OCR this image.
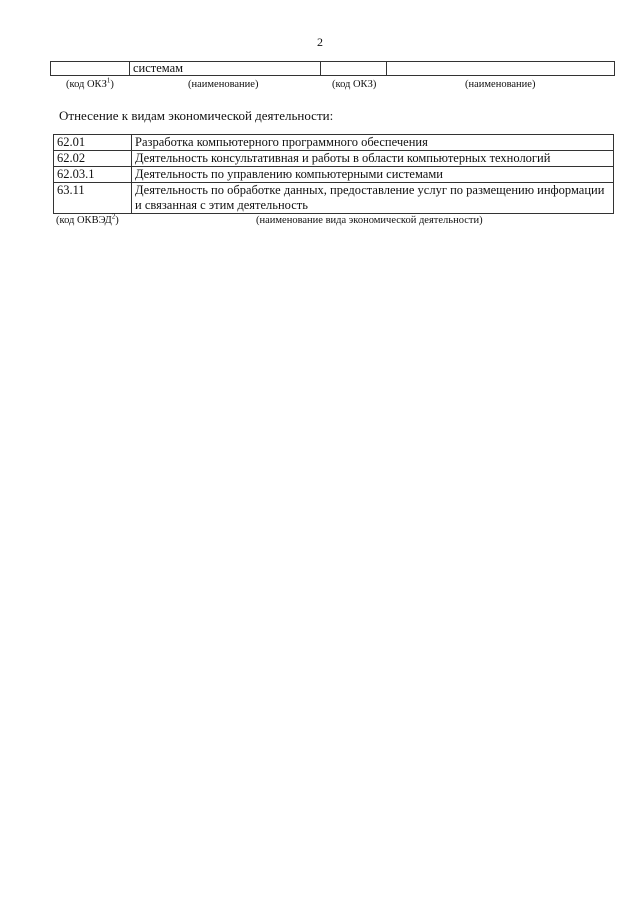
2
	системам		
(код ОКЗ$^1$)	(наименование)	(код ОКЗ)	(наименование)
Отнесение к видам экономической деятельности:
62.01	Разработка компьютерного программного обеспечения
62.02	Деятельность консультативная и работы в области компьютерных технологий
62.03.1	Деятельность по управлению компьютерными системами
63.11	Деятельность по обработке данных, предоставление услуг по размещению информации и связанная с этим деятельность
(код ОКВЭД$^2$)	(наименование вида экономической деятельности)
